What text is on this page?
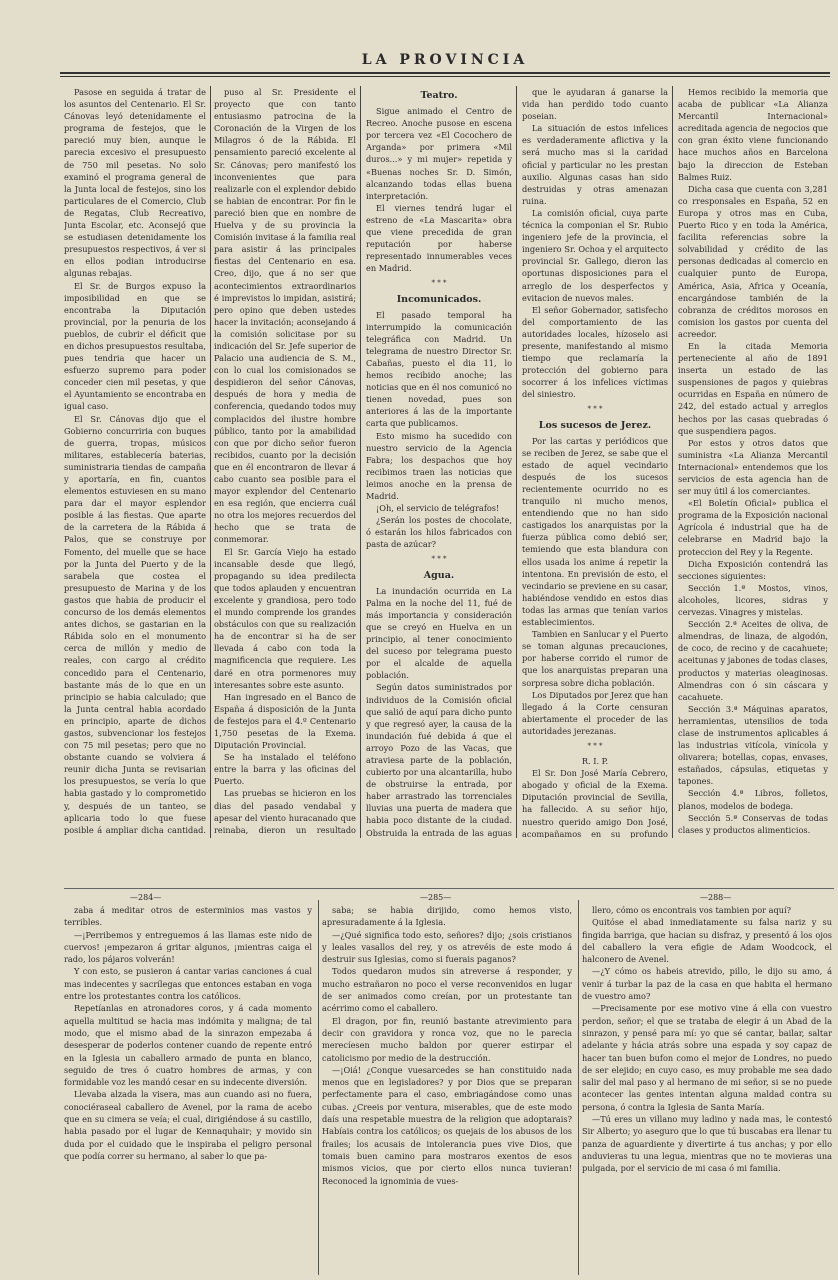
LA PROVINCIA

Pasose en seguida á tratar de los asuntos del Centenario. El Sr. Cánovas leyó detenidamente el programa de festejos, que le pareció muy bien, aunque le parecia excesivo el presupuesto de 750 mil pesetas. No solo examinó el programa general de la Junta local de festejos, sino los particulares de el Comercio, Club de Regatas, Club Recreativo, Junta Escolar, etc. Aconsejó que se estudiasen detenidamente los presupuestos respectivos, á ver si en ellos podian introducirse algunas rebajas.

El Sr. de Burgos expuso la imposibilidad en que se encontraba la Diputación provincial, por la penuria de los pueblos, de cubrir el déficit que en dichos presupuestos resultaba, pues tendria que hacer un esfuerzo supremo para poder conceder cien mil pesetas, y que el Ayuntamiento se encontraba en igual caso.

El Sr. Cánovas dijo que el Gobierno concurriria con buques de guerra, tropas, músicos militares, establecería baterias, suministraria tiendas de campaña y aportaría, en fin, cuantos elementos estuviesen en su mano para dar el mayor esplendor posible á las fiestas. Que aparte de la carretera de la Rábida á Palos, que se construye por Fomento, del muelle que se hace por la Junta del Puerto y de la sarabela que costea el presupuesto de Marina y de los gastos que habia de producir el concurso de los demás elementos antes dichos, se gastarian en la Rábida solo en el monumento cerca de millón y medio de reales, con cargo al crédito concedido para el Centenario, bastante más de lo que en un principio se habia calculado; que la Junta central habia acordado en principio, aparte de dichos gastos, subvencionar los festejos con 75 mil pesetas; pero que no obstante cuando se volviera á reunir dicha Junta se revisarian los presupuestos, se vería lo que habia gastado y lo comprometido y, después de un tanteo, se aplicaria todo lo que fuese posible á ampliar dicha cantidad.

puso al Sr. Presidente el proyecto que con tanto entusiasmo patrocina de la Coronación de la Virgen de los Milagros ó de la Rábida. El pensamiento pareció excelente al Sr. Cánovas; pero manifestó los inconvenientes que para realizarle con el explendor debido se habian de encontrar. Por fin le pareció bien que en nombre de Huelva y de su provincia la Comisión invitase á la familia real para asistir á las principales fiestas del Centenario en esa. Creo, dijo, que á no ser que acontecimientos extraordinarios é imprevistos lo impidan, asistirá; pero opino que deben ustedes hacer la invitación; aconsejando á la comisión solicitase por su indicación del Sr. Jefe superior de Palacio una audiencia de S. M., con lo cual los comisionados se despidieron del señor Cánovas, después de hora y media de conferencia, quedando todos muy complacidos del ilustre hombre público, tanto por la amabilidad con que por dicho señor fueron recibidos, cuanto por la decisión que en él encontraron de llevar á cabo cuanto sea posible para el mayor explendor del Centenario en esa región, que encierra cuál no otra los mejores recuerdos del hecho que se trata de conmemorar.

El Sr. García Viejo ha estado incansable desde que llegó, propagando su idea predilecta que todos aplauden y encuentran excelente y grandiosa, pero todo el mundo comprende los grandes obstáculos con que su realización ha de encontrar si ha de ser llevada á cabo con toda la magnificencia que requiere. Les daré en otra pormenores muy interesantes sobre este asunto.

Han ingresado en el Banco de España á disposición de la Junta de festejos para el 4.º Centenario 1,750 pesetas de la Exema. Diputación Provincial.

Se ha instalado el teléfono entre la barra y las oficinas del Puerto.

Las pruebas se hicieron en los dias del pasado vendabal y apesar del viento huracanado que reinaba, dieron un resultado

Teatro.

Sigue animado el Centro de Recreo. Anoche pusose en escena por tercera vez «El Cocochero de Arganda» por primera «Mil duros...» y mi mujer» repetida y «Buenas noches Sr. D. Simón, alcanzando todas ellas buena interpretación.

El viernes tendrá lugar el estreno de «La Mascarita» obra que viene precedida de gran reputación por haberse representado innumerables veces en Madrid.

* * *
Incomunicados.

El pasado temporal ha interrumpido la comunicación telegráfica con Madrid. Un telegrama de nuestro Director Sr. Cabañas, puesto el dia 11, lo hemos recibido anoche; las noticias que en él nos comunicó no tienen novedad, pues son anteriores á las de la importante carta que publicamos.

Esto mismo ha sucedido con nuestro servicio de la Agencia Fabra; los despachos que hoy recibimos traen las noticias que leimos anoche en la prensa de Madrid.

¡Oh, el servicio de telégrafos!

¿Serán los postes de chocolate, ó estarán los hilos fabricados con pasta de azúcar?

* * *
Agua.

La inundación ocurrida en La Palma en la noche del 11, fué de más importancia y consideración que se creyó en Huelva en un principio, al tener conocimiento del suceso por telegrama puesto por el alcalde de aquella población.

Según datos suministrados por individuos de la Comisión oficial que salió de aquí para dicho punto y que regresó ayer, la causa de la inundación fué debida á que el arroyo Pozo de las Vacas, que atraviesa parte de la población, cubierto por una alcantarilla, hubo de obstruirse la entrada, por haber arrastrado las torrenciales lluvias una puerta de madera que habia poco distante de la ciudad. Obstruida la entrada de las aguas

que le ayudaran á ganarse la vida han perdido todo cuanto poseian.

La situación de estos infelices es verdaderamente aflictiva y la será mucho mas si la caridad oficial y particular no les prestan auxilio. Algunas casas han sido destruidas y otras amenazan ruina.

La comisión oficial, cuya parte técnica la componian el Sr. Rubio ingeniero jefe de la provincia, el ingeniero Sr. Ochoa y el arquitecto provincial Sr. Gallego, dieron las oportunas disposiciones para el arreglo de los desperfectos y evitacion de nuevos males.

El señor Gobernador, satisfecho del comportamiento de las autoridades locales, hízoselo asi presente, manifestando al mismo tiempo que reclamaría la protección del gobierno para socorrer á los infelices víctimas del siniestro.

* * *
Los sucesos de Jerez.

Por las cartas y periódicos que se reciben de Jerez, se sabe que el estado de aquel vecindario después de los sucesos recientemente ocurrido no es tranquilo ni mucho menos, entendiendo que no han sido castigados los anarquistas por la fuerza pública como debió ser, temiendo que esta blandura con ellos usada los anime á repetir la intentona. En previsión de esto, el vecindario se previene en su casar, habiéndose vendido en estos dias todas las armas que tenían varios establecimientos.

Tambien en Sanlucar y el Puerto se toman algunas precauciones, por haberse corrido el rumor de que los anarquistas preparan una sorpresa sobre dicha población.

Los Diputados por Jerez que han llegado á la Corte censuran abiertamente el proceder de las autoridades jerezanas.

* * *

R. I. P.

El Sr. Don José María Cebrero, abogado y oficial de la Exema. Diputación provincial de Sevilla, ha fallecido. A su señor hijo, nuestro querido amigo Don José, acompañamos en su profundo

Hemos recibido la memoria que acaba de publicar «La Alianza Mercantil Internacional» acreditada agencia de negocios que con gran éxito viene funcionando hace muchos años en Barcelona bajo la direccion de Esteban Balmes Ruiz.

Dicha casa que cuenta con 3,281 co rresponsales en España, 52 en Europa y otros mas en Cuba, Puerto Rico y en toda la América, facilita referencias sobre la solvabilidad y crédito de las personas dedicadas al comercio en cualquier punto de Europa, América, Asia, Africa y Oceanía, encargándose también de la cobranza de créditos morosos en comision los gastos por cuenta del acreedor.

En la citada Memoria perteneciente al año de 1891 inserta un estado de las suspensiones de pagos y quiebras ocurridas en España en número de 242, del estado actual y arreglos hechos por las casas quebradas ó que suspendiera pagos.

Por estos y otros datos que suministra «La Alianza Mercantil Internacional» entendemos que los servicios de esta agencia han de ser muy útil á los comerciantes.

«El Boletín Oficial» publica el programa de la Exposición nacional Agrícola é industrial que ha de celebrarse en Madrid bajo la proteccion del Rey y la Regente.

Dicha Exposición contendrá las secciones siguientes:

Sección 1.ª Mostos, vinos, alcoholes, licores, sidras y cervezas. Vinagres y mistelas.

Sección 2.ª Aceites de oliva, de almendras, de linaza, de algodón, de coco, de recino y de cacahuete; aceitunas y jabones de todas clases, productos y materias oleaginosas. Almendras con ó sin cáscara y cacahuete.

Sección 3.ª Máquinas aparatos, herramientas, utensilios de toda clase de instrumentos aplicables á las industrias vitícola, vinícola y olivarera; botellas, copas, envases, estañados, cápsulas, etiquetas y tapones.

Sección 4.ª Libros, folletos, planos, modelos de bodega.

Sección 5.ª Conservas de todas clases y productos alimenticios.

—284—	—285—	—288—

zaba á meditar otros de esterminios mas vastos y terribles.

—¡Perribemos y entreguemos á las llamas este nido de cuervos! ¡empezaron á gritar algunos, ¡mientras caiga el rado, los pájaros volverán!

Y con esto, se pusieron á cantar varias canciones á cual mas indecentes y sacrílegas que entonces estaban en voga entre los protestantes contra los católicos.

Repetíanlas en atronadores coros, y á cada momento aquella multitud se hacia mas indómita y maligna; de tal modo, que el mismo abad de la sinrazon empezaba á desesperar de poderlos contener cuando de repente entró en la Iglesia un caballero armado de punta en blanco, seguido de tres ó cuatro hombres de armas, y con formidable voz les mandó cesar en su indecente diversión.

Llevaba alzada la visera, mas aun cuando asi no fuera, conociéraseal caballero de Avenel, por la rama de acebo que en su cimera se veía; el cual, dirigiéndose á su castillo, habia pasado por el lugar de Kennaquhair; y movido sin duda por el cuidado que le inspiraba el peligro personal que podía correr su hermano, al saber lo que pa-

saba; se habia dirijido, como hemos visto, apresuradamente á la Iglesia.

—¿Qué significa todo esto, señores? dijo; ¿sois cristianos y leales vasallos del rey, y os atrevéis de este modo á destruir sus Iglesias, como si fuerais paganos?

Todos quedaron mudos sin atreverse á responder, y mucho estrañaron no poco el verse reconvenidos en lugar de ser animados como creían, por un protestante tan acérrimo como el caballero.

El dragon, por fin, reunió bastante atrevimiento para decir con gravidora y ronca voz, que no le parecia merecíesen mucho baldon por querer estirpar el catolicismo por medio de la destrucción.

—¡Oiá! ¿Conque vuesarcedes se han constituido nada menos que en legisladores? y por Dios que se preparan perfectamente para el caso, embriagándose como unas cubas. ¿Creeis por ventura, miserables, que de este modo daís una respetable muestra de la religion que adoptarais? Habíais contra los católicos; os quejais de los abusos de los frailes; los acusais de intolerancia pues vive Dios, que tomais buen camino para mostraros exentos de esos mismos vicios, que por cierto ellos nunca tuvieran! Reconoced la ignominia de vues-

llero, cómo os encontrais vos tambien por aquí?

Quitóse el abad inmediatamente su falsa nariz y su fingida barriga, que hacian su disfraz, y presentó á los ojos del caballero la vera efigie de Adam Woodcock, el halconero de Avenel.

—¿Y cómo os habeis atrevido, pillo, le dijo su amo, á venir á turbar la paz de la casa en que habita el hermano de vuestro amo?

—Precisamente por ese motivo vine á ella con vuestro perdon, señor; el que se trataba de elegir á un Abad de la sinrazon, y pensé para mí: yo que sé cantar, bailar, saltar adelante y hácia atrás sobre una espada y soy capaz de hacer tan buen bufon como el mejor de Londres, no puedo de ser elejido; en cuyo caso, es muy probable me sea dado salir del mal paso y al hermano de mi señor, si se no puede acontecer las gentes intentan alguna maldad contra su persona, ó contra la Iglesia de Santa María.

—Tú eres un villano muy ladino y nada mas, le contestó Sir Alberto; yo aseguro que lo que tú buscabas era llenar tu panza de aguardiente y divertirte á tus anchas; y por ello anduvieras tu una legua, mientras que no te movieras una pulgada, por el servicio de mi casa ó mi familia.
